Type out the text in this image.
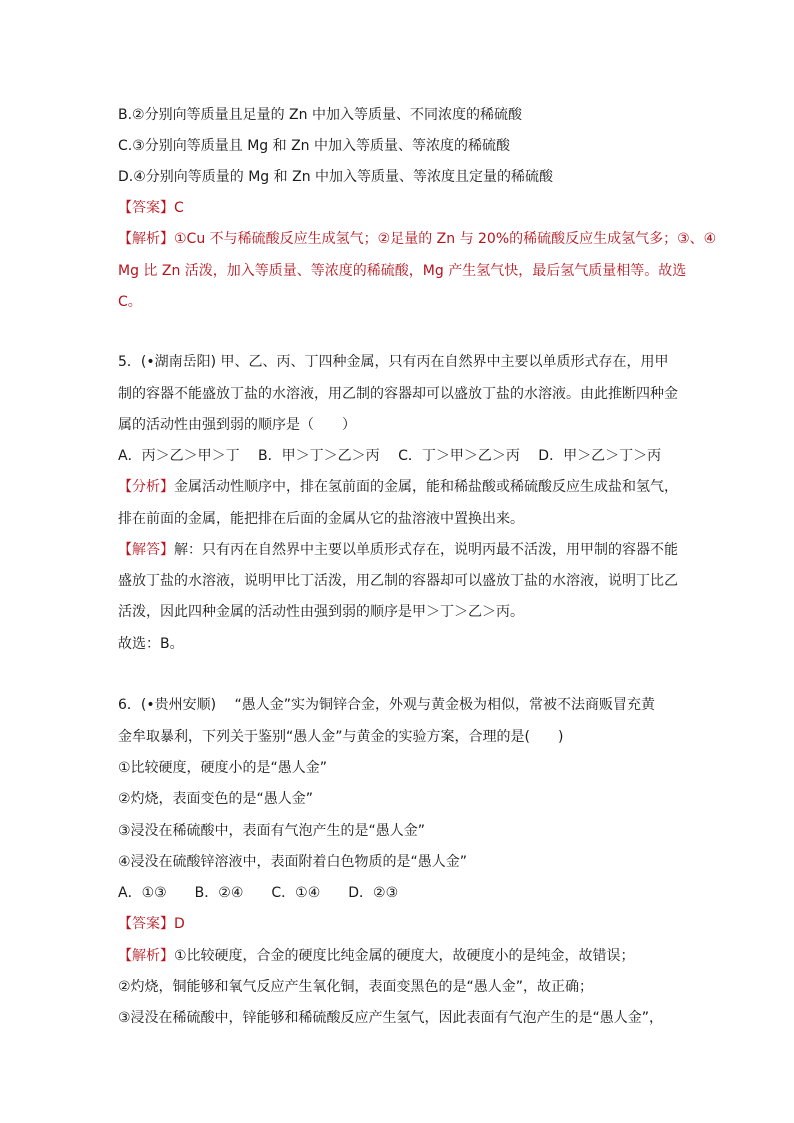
B.②分别向等质量且足量的 Zn 中加入等质量、不同浓度的稀硫酸
C.③分别向等质量且 Mg 和 Zn 中加入等质量、等浓度的稀硫酸
D.④分别向等质量的 Mg 和 Zn 中加入等质量、等浓度且定量的稀硫酸
【答案】C
【解析】①Cu 不与稀硫酸反应生成氢气；②足量的 Zn 与 20%的稀硫酸反应生成氢气多；③、④
Mg 比 Zn 活泼，加入等质量、等浓度的稀硫酸，Mg 产生氢气快，最后氢气质量相等。故选
C。
5．(•湖南岳阳) 甲、乙、丙、丁四种金属，只有丙在自然界中主要以单质形式存在，用甲
制的容器不能盛放丁盐的水溶液，用乙制的容器却可以盛放丁盐的水溶液。由此推断四种金
属的活动性由强到弱的顺序是（　　）
A．丙＞乙＞甲＞丁　 B．甲＞丁＞乙＞丙　 C．丁＞甲＞乙＞丙　 D．甲＞乙＞丁＞丙
【分析】金属活动性顺序中，排在氢前面的金属，能和稀盐酸或稀硫酸反应生成盐和氢气，
排在前面的金属，能把排在后面的金属从它的盐溶液中置换出来。
【解答】解：只有丙在自然界中主要以单质形式存在，说明丙最不活泼，用甲制的容器不能
盛放丁盐的水溶液，说明甲比丁活泼，用乙制的容器却可以盛放丁盐的水溶液，说明丁比乙
活泼，因此四种金属的活动性由强到弱的顺序是甲＞丁＞乙＞丙。
故选：B。
6．(•贵州安顺)　 “愚人金”实为铜锌合金，外观与黄金极为相似，常被不法商贩冒充黄
金牟取暴利，下列关于鉴别“愚人金”与黄金的实验方案，合理的是(　　)
①比较硬度，硬度小的是“愚人金”
②灼烧，表面变色的是“愚人金”
③浸没在稀硫酸中，表面有气泡产生的是“愚人金”
④浸没在硫酸锌溶液中，表面附着白色物质的是“愚人金”
A．①③　　B．②④　　C．①④　　D．②③
【答案】D
【解析】①比较硬度，合金的硬度比纯金属的硬度大，故硬度小的是纯金，故错误；
②灼烧，铜能够和氧气反应产生氧化铜，表面变黑色的是“愚人金”，故正确；
③浸没在稀硫酸中，锌能够和稀硫酸反应产生氢气，因此表面有气泡产生的是“愚人金”，
